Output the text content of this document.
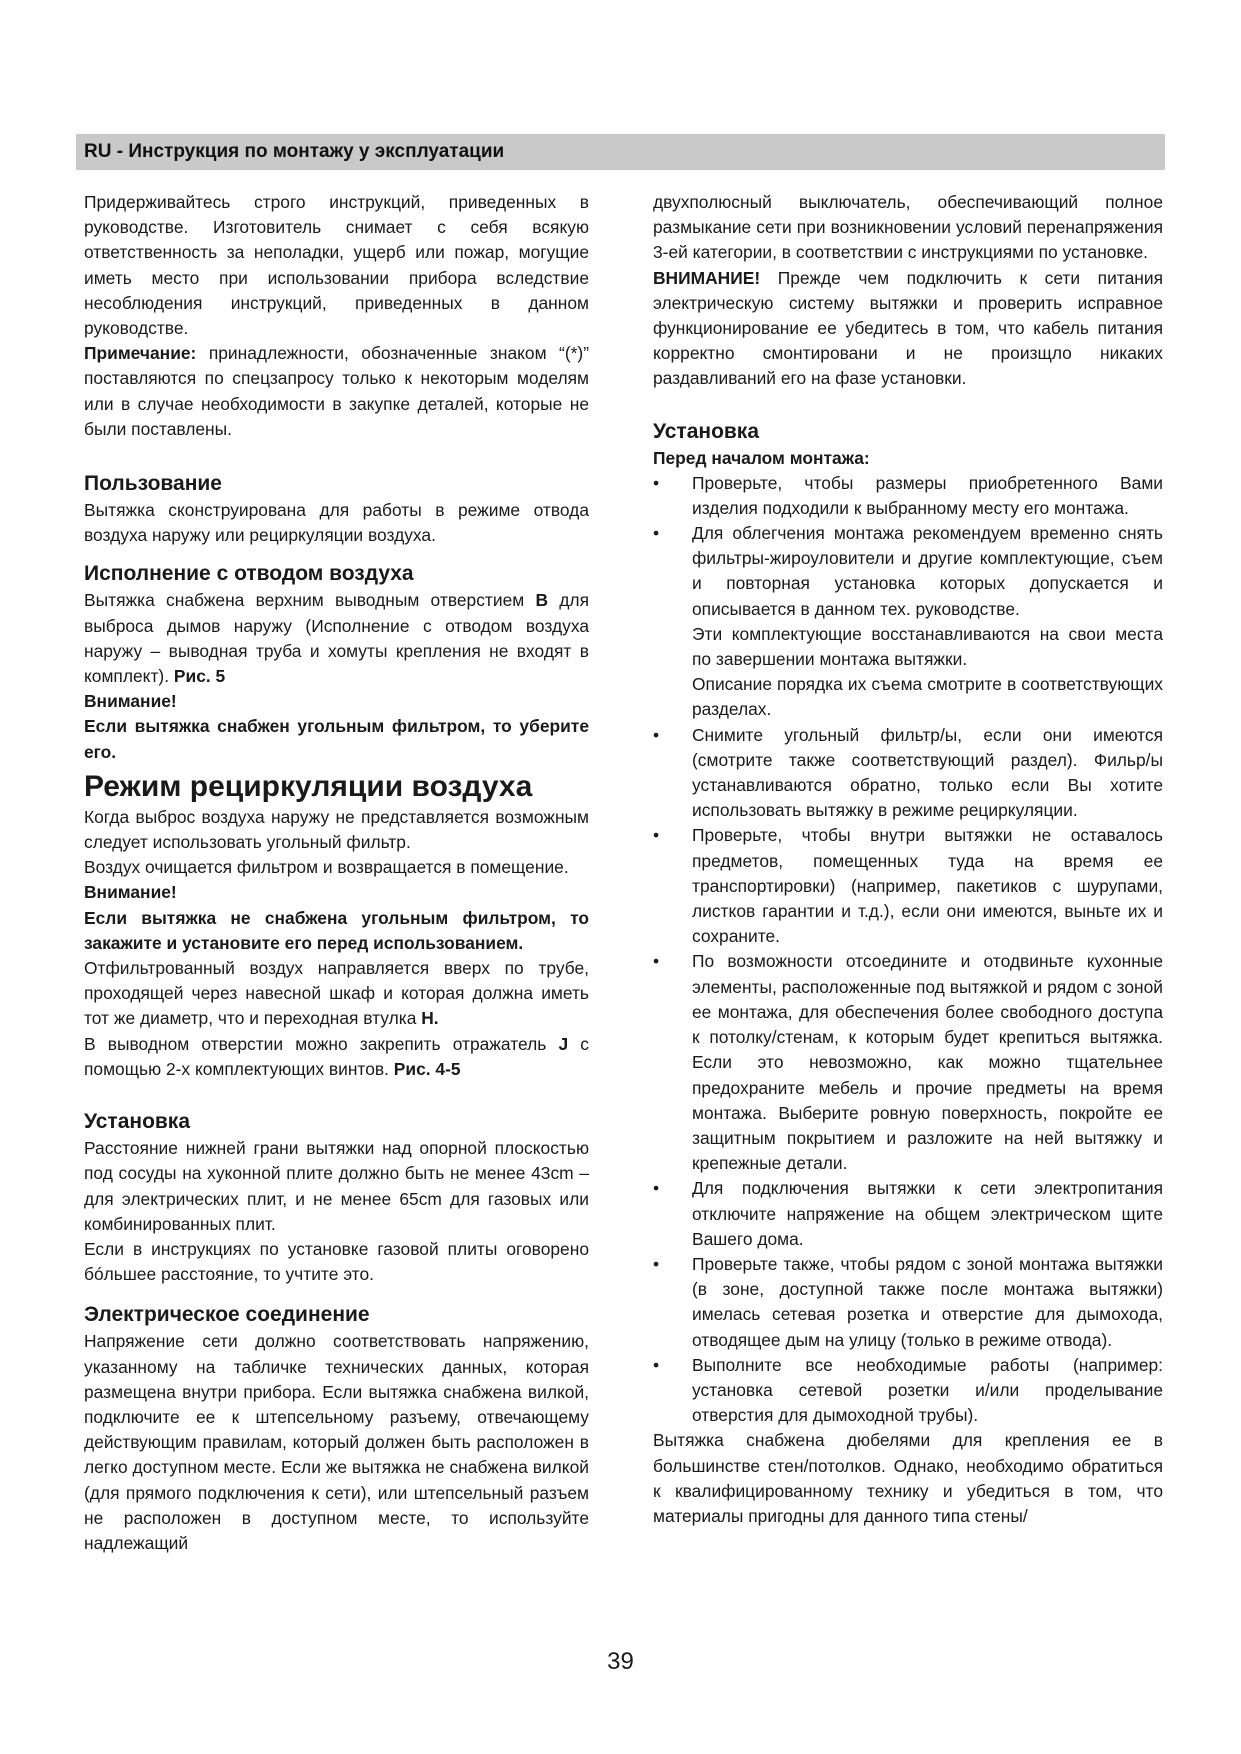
RU - Инструкция по монтажу у эксплуатации

Придерживайтесь строго инструкций, приведенных в руководстве. Изготовитель снимает с себя всякую ответственность за неполадки, ущерб или пожар, могущие иметь место при использовании прибора вследствие несоблюдения инструкций, приведенных в данном руководстве.

Примечание: принадлежности, обозначенные знаком “(*)” поставляются по спецзапросу только к некоторым моделям или в случае необходимости в закупке деталей, которые не были поставлены.

Пользование

Вытяжка сконструирована для работы в режиме отвода воздуха наружу или рециркуляции воздуха.

Исполнение с отводом воздуха

Вытяжка снабжена верхним выводным отверстием B для выброса дымов наружу (Исполнение с отводом воздуха наружу – выводная труба и хомуты крепления не входят в комплект). Рис. 5

Внимание!

Если вытяжка снабжен угольным фильтром, то уберите его.

Режим рециркуляции воздуха

Когда выброс воздуха наружу не представляется возможным следует использовать угольный фильтр.

Воздух очищается фильтром и возвращается в помещение.

Внимание!

Если вытяжка не снабжена угольным фильтром, то закажите и установите его перед использованием.

Отфильтрованный воздух направляется вверх по трубе, проходящей через навесной шкаф и которая должна иметь тот же диаметр, что и переходная втулка H.

В выводном отверстии можно закрепить отражатель J с помощью 2-х комплектующих винтов. Рис. 4-5

Установка

Расстояние нижней грани вытяжки над опорной плоскостью под сосуды на хуконной плите должно быть не менее 43cm – для электрических плит, и не менее 65cm для газовых или комбинированных плит.

Если в инструкциях по установке газовой плиты оговорено бóльшее расстояние, то учтите это.

Электрическое соединение

Напряжение сети должно соответствовать напряжению, указанному на табличке технических данных, которая размещена внутри прибора. Если вытяжка снабжена вилкой, подключите ее к штепсельному разъему, отвечающему действующим правилам, который должен быть расположен в легко доступном месте. Если же вытяжка не снабжена вилкой (для прямого подключения к сети), или штепсельный разъем не расположен в доступном месте, то используйте надлежащий

двухполюсный выключатель, обеспечивающий полное размыкание сети при возникновении условий перенапряжения 3-ей категории, в соответствии с инструкциями по установке.

ВНИМАНИЕ! Прежде чем подключить к сети питания электрическую систему вытяжки и проверить исправное функционирование ее убедитесь в том, что кабель питания корректно смонтировани и не произщло никаких раздавливаний его на фазе установки.

Установка

Перед началом монтажа:

• Проверьте, чтобы размеры приобретенного Вами изделия подходили к выбранному месту его монтажа.
• Для облегчения монтажа рекомендуем временно снять фильтры-жироуловители и другие комплектующие, съем и повторная установка которых допускается и описывается в данном тех. руководстве.
Эти комплектующие восстанавливаются на свои места по завершении монтажа вытяжки.
Описание порядка их съема смотрите в соответствующих разделах.
• Снимите угольный фильтр/ы, если они имеются (смотрите также соответствующий раздел). Фильр/ы устанавливаются обратно, только если Вы хотите использовать вытяжку в режиме рециркуляции.
• Проверьте, чтобы внутри вытяжки не оставалось предметов, помещенных туда на время ее транспортировки) (например, пакетиков с шурупами, листков гарантии и т.д.), если они имеются, выньте их и сохраните.
• По возможности отсоедините и отодвиньте кухонные элементы, расположенные под вытяжкой и рядом с зоной ее монтажа, для обеспечения более свободного доступа к потолку/стенам, к которым будет крепиться вытяжка. Если это невозможно, как можно тщательнее предохраните мебель и прочие предметы на время монтажа. Выберите ровную поверхность, покройте ее защитным покрытием и разложите на ней вытяжку и крепежные детали.
• Для подключения вытяжки к сети электропитания отключите напряжение на общем электрическом щите Вашего дома.
• Проверьте также, чтобы рядом с зоной монтажа вытяжки (в зоне, доступной также после монтажа вытяжки) имелась сетевая розетка и отверстие для дымохода, отводящее дым на улицу (только в режиме отвода).
• Выполните все необходимые работы (например: установка сетевой розетки и/или проделывание отверстия для дымоходной трубы).

Вытяжка снабжена дюбелями для крепления ее в большинстве стен/потолков. Однако, необходимо обратиться к квалифицированному технику и убедиться в том, что материалы пригодны для данного типа стены/

39
